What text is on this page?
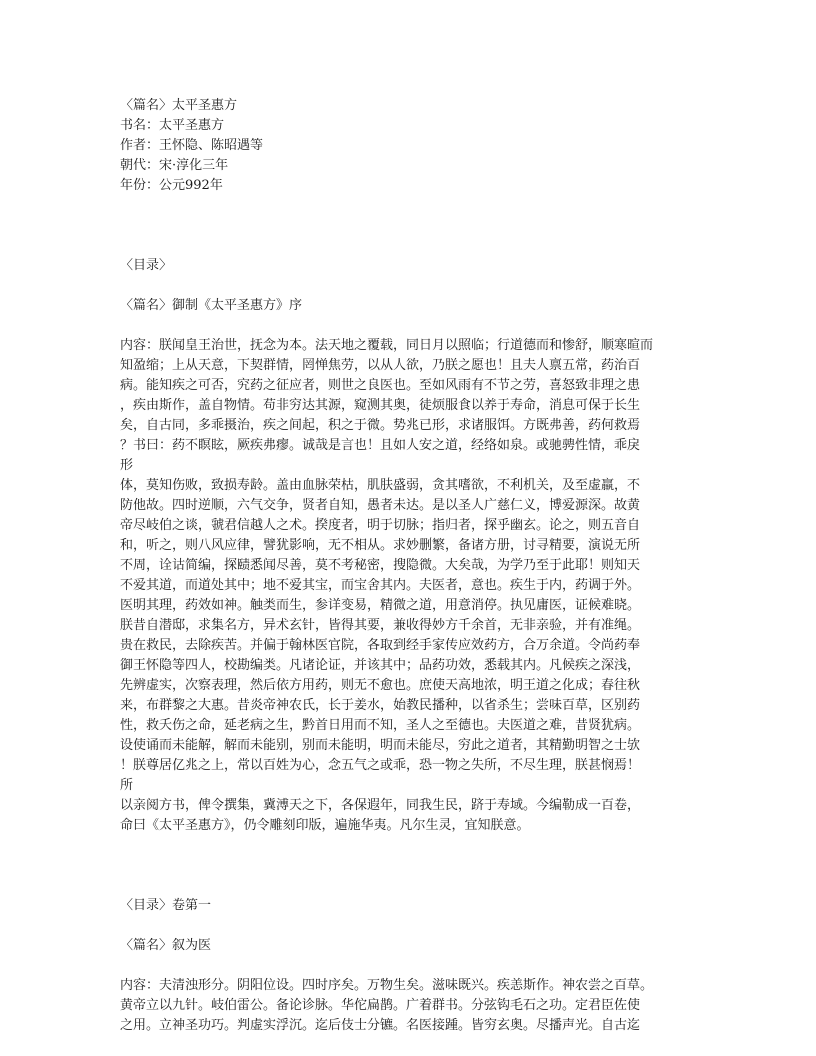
〈篇名〉太平圣惠方
书名：太平圣惠方
作者：王怀隐、陈昭遇等
朝代：宋·淳化三年
年份：公元992年
〈目录〉
〈篇名〉御制《太平圣惠方》序
内容：朕闻皇王治世，抚念为本。法天地之覆载，同日月以照临；行道德而和惨舒，顺寒暄而
知盈缩；上从天意，下契群情，罔惮焦劳，以从人欲，乃朕之愿也！且夫人禀五常，药治百
病。能知疾之可否，究药之征应者，则世之良医也。至如风雨有不节之劳，喜怒致非理之患
，疾由斯作，盖自物情。苟非穷达其源，窥测其奥，徒烦服食以养于寿命，消息可保于长生
矣，自古同，多乖摄治，疾之间起，积之于微。势兆已形，求诸服饵。方既弗善，药何救焉
？书曰：药不瞑眩，厥疾弗瘳。诚哉是言也！且如人安之道，经络如泉。或驰骋性情，乖戾
形
体，莫知伤败，致损寿龄。盖由血脉荣枯，肌肤盛弱，贪其嗜欲，不利机关，及至虚羸，不
防他故。四时逆顺，六气交争，贤者自知，愚者未达。是以圣人广慈仁义，博爱源深。故黄
帝尽岐伯之谈，虢君信越人之术。揆度者，明于切脉；指归者，探乎幽玄。论之，则五音自
和，听之，则八风应律，譬犹影响，无不相从。求妙删繁，备诸方册，讨寻精要，演说无所
不周，诠诂简编，探赜悉闻尽善，莫不考秘密，搜隐微。大矣哉，为学乃至于此耶！则知天
不爱其道，而道处其中；地不爱其宝，而宝舍其内。夫医者，意也。疾生于内，药调于外。
医明其理，药效如神。触类而生，参详变易，精微之道，用意消停。执见庸医，证候难晓。
朕昔自潜邸，求集名方，异术玄针，皆得其要，兼收得妙方千余首，无非亲验，并有准绳。
贵在救民，去除疾苦。并偏于翰林医官院，各取到经手家传应效药方，合万余道。令尚药奉
御王怀隐等四人，校勘编类。凡诸论证，并该其中；品药功效，悉载其内。凡候疾之深浅，
先辨虚实，次察表理，然后依方用药，则无不愈也。庶使天高地浓，明王道之化成；春往秋
来，布群黎之大惠。昔炎帝神农氏，长于姜水，始教民播种，以省杀生；尝味百草，区别药
性，救夭伤之命，延老病之生，黔首日用而不知，圣人之至德也。夫医道之难，昔贤犹病。
设使诵而未能解，解而未能别，别而未能明，明而未能尽，穷此之道者，其精勤明智之士欤
！朕尊居亿兆之上，常以百姓为心，念五气之或乖，恐一物之失所，不尽生理，朕甚悯焉！
所
以亲阅方书，俾令撰集，冀溥天之下，各保遐年，同我生民，跻于寿域。今编勒成一百卷，
命曰《太平圣惠方》，仍令雕刻印版，遍施华夷。凡尔生灵，宜知朕意。
〈目录〉卷第一
〈篇名〉叙为医
内容：夫清浊形分。阴阳位设。四时序矣。万物生矣。滋味既兴。疾恙斯作。神农尝之百草。
黄帝立以九针。岐伯雷公。备论诊脉。华佗扁鹊。广着群书。分弦钩毛石之功。定君臣佐使
之用。立神圣功巧。判虚实浮沉。迄后伎士分镳。名医接踵。皆穷玄奥。尽播声光。自古迄
